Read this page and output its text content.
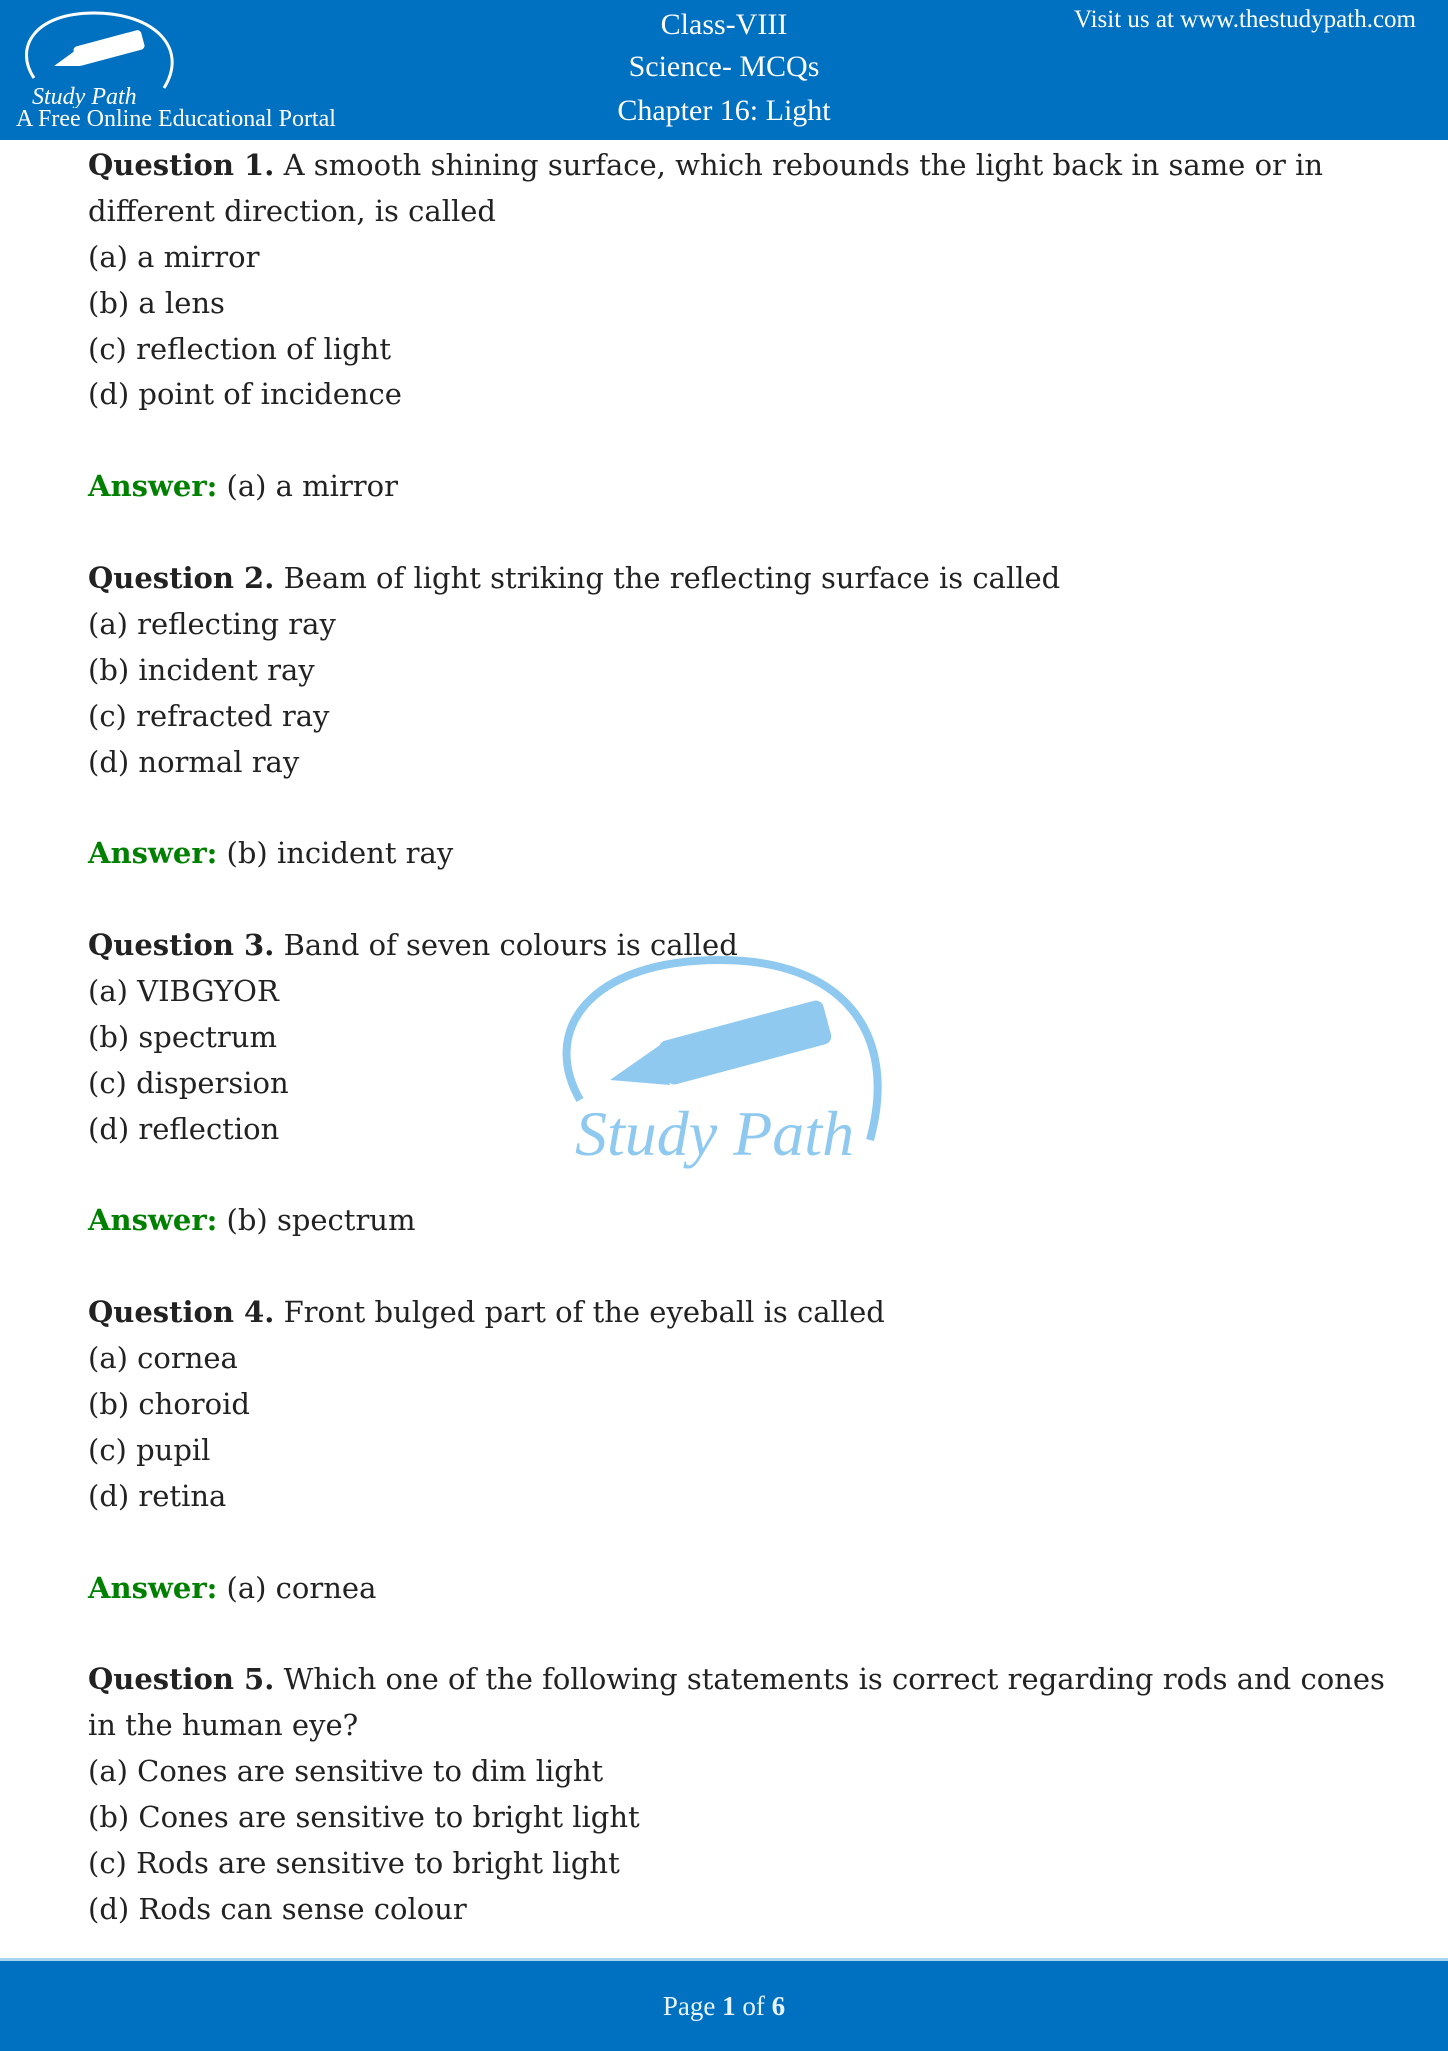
Study Path
A Free Online Educational Portal
Class-VIII
Science- MCQs
Chapter 16: Light
Visit us at www.thestudypath.com
Study Path
Question 1. A smooth shining surface, which rebounds the light back in same or in
different direction, is called
(a) a mirror
(b) a lens
(c) reflection of light
(d) point of incidence
Answer: (a) a mirror
Question 2. Beam of light striking the reflecting surface is called
(a) reflecting ray
(b) incident ray
(c) refracted ray
(d) normal ray
Answer: (b) incident ray
Question 3. Band of seven colours is called
(a) VIBGYOR
(b) spectrum
(c) dispersion
(d) reflection
Answer: (b) spectrum
Question 4. Front bulged part of the eyeball is called
(a) cornea
(b) choroid
(c) pupil
(d) retina
Answer: (a) cornea
Question 5. Which one of the following statements is correct regarding rods and cones
in the human eye?
(a) Cones are sensitive to dim light
(b) Cones are sensitive to bright light
(c) Rods are sensitive to bright light
(d) Rods can sense colour
Page 1 of 6
